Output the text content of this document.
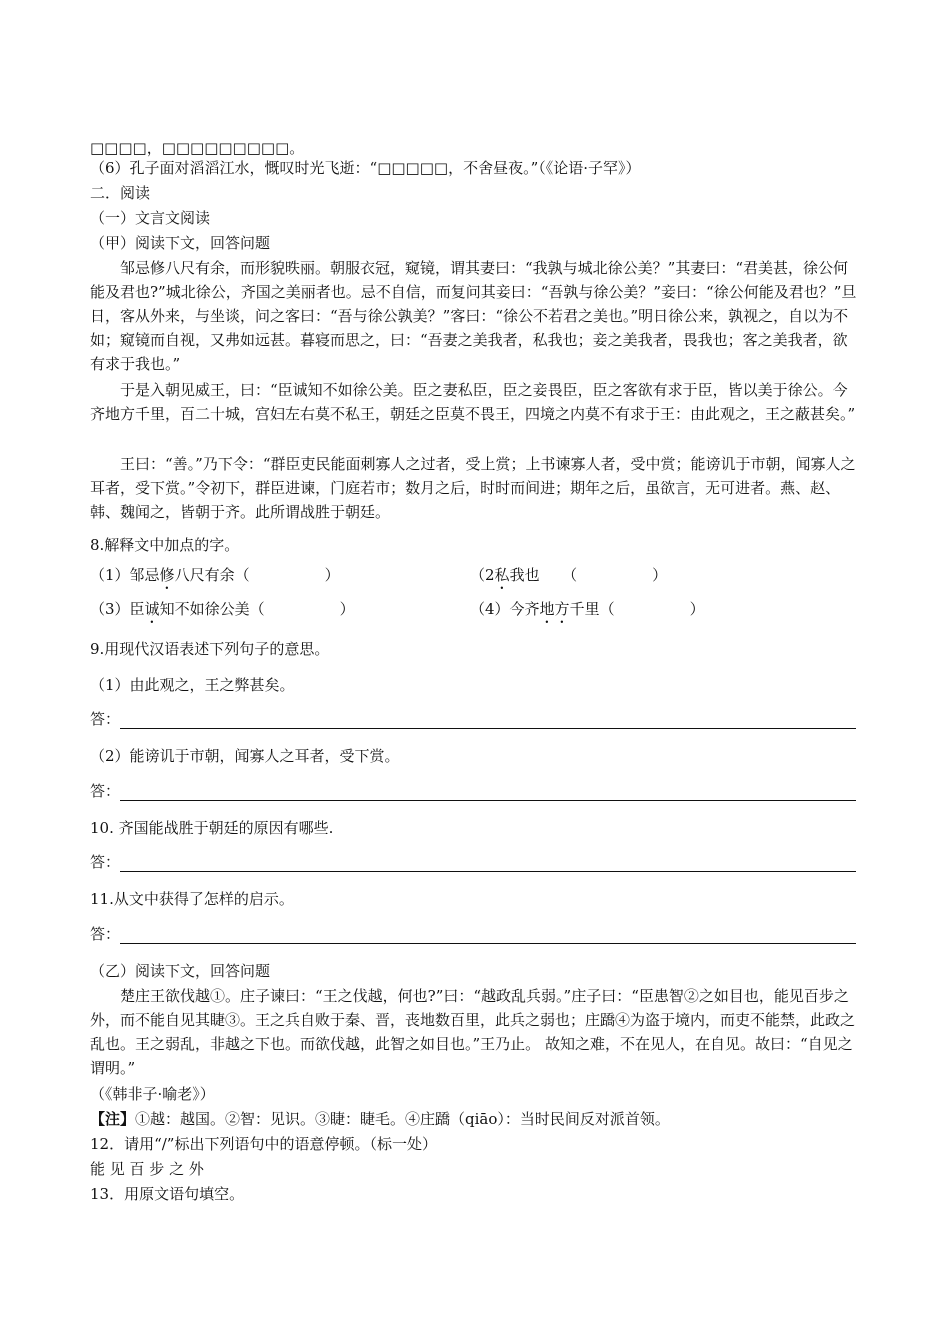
□□□□，□□□□□□□□□。
（6）孔子面对滔滔江水，慨叹时光飞逝：“□□□□□，不舍昼夜。”（《论语·子罕》）
二．阅读
（一）文言文阅读
（甲）阅读下文，回答问题
邹忌修八尺有余，而形貌昳丽。朝服衣冠，窥镜，谓其妻曰：“我孰与城北徐公美？”其妻曰：“君美甚，徐公何能及君也?”城北徐公，齐国之美丽者也。忌不自信，而复问其妾曰：“吾孰与徐公美？”妾曰：“徐公何能及君也？”旦日，客从外来，与坐谈，问之客曰：“吾与徐公孰美？”客曰：“徐公不若君之美也。”明日徐公来，孰视之，自以为不如；窥镜而自视，又弗如远甚。暮寝而思之，曰：“吾妻之美我者，私我也；妾之美我者，畏我也；客之美我者，欲有求于我也。”
于是入朝见威王，曰：“臣诚知不如徐公美。臣之妻私臣，臣之妾畏臣，臣之客欲有求于臣，皆以美于徐公。今齐地方千里，百二十城，宫妇左右莫不私王，朝廷之臣莫不畏王，四境之内莫不有求于王：由此观之，王之蔽甚矣。”
王曰：“善。”乃下令：“群臣吏民能面刺寡人之过者，受上赏；上书谏寡人者，受中赏；能谤讥于市朝，闻寡人之耳者，受下赏。”令初下，群臣进谏，门庭若市；数月之后，时时而间进；期年之后，虽欲言，无可进者。燕、赵、韩、魏闻之，皆朝于齐。此所谓战胜于朝廷。
8.解释文中加点的字。
（1）邹忌修八尺有余（　　　　　）	（2私我也　　（　　　　　）
（3）臣诚知不如徐公美（　　　　　）	（4）今齐地方千里（　　　　　）
9.用现代汉语表述下列句子的意思。
（1）由此观之，王之弊甚矣。
答：
（2）能谤讥于市朝，闻寡人之耳者，受下赏。
答：
10. 齐国能战胜于朝廷的原因有哪些.
答：
11.从文中获得了怎样的启示。
答：
（乙）阅读下文，回答问题
楚庄王欲伐越①。庄子谏曰：“王之伐越，何也?”曰：“越政乱兵弱。”庄子曰：“臣患智②之如目也，能见百步之外，而不能自见其睫③。王之兵自败于秦、晋，丧地数百里，此兵之弱也；庄蹻④为盗于境内，而吏不能禁，此政之乱也。王之弱乱，非越之下也。而欲伐越，此智之如目也。”王乃止。 故知之难，不在见人，在自见。故曰：“自见之谓明。”
（《韩非子·喻老》）
【注】①越：越国。②智：见识。③睫：睫毛。④庄蹻（qiāo）：当时民间反对派首领。
12．请用“/”标出下列语句中的语意停顿。（标一处）
能 见 百 步 之 外
13．用原文语句填空。
